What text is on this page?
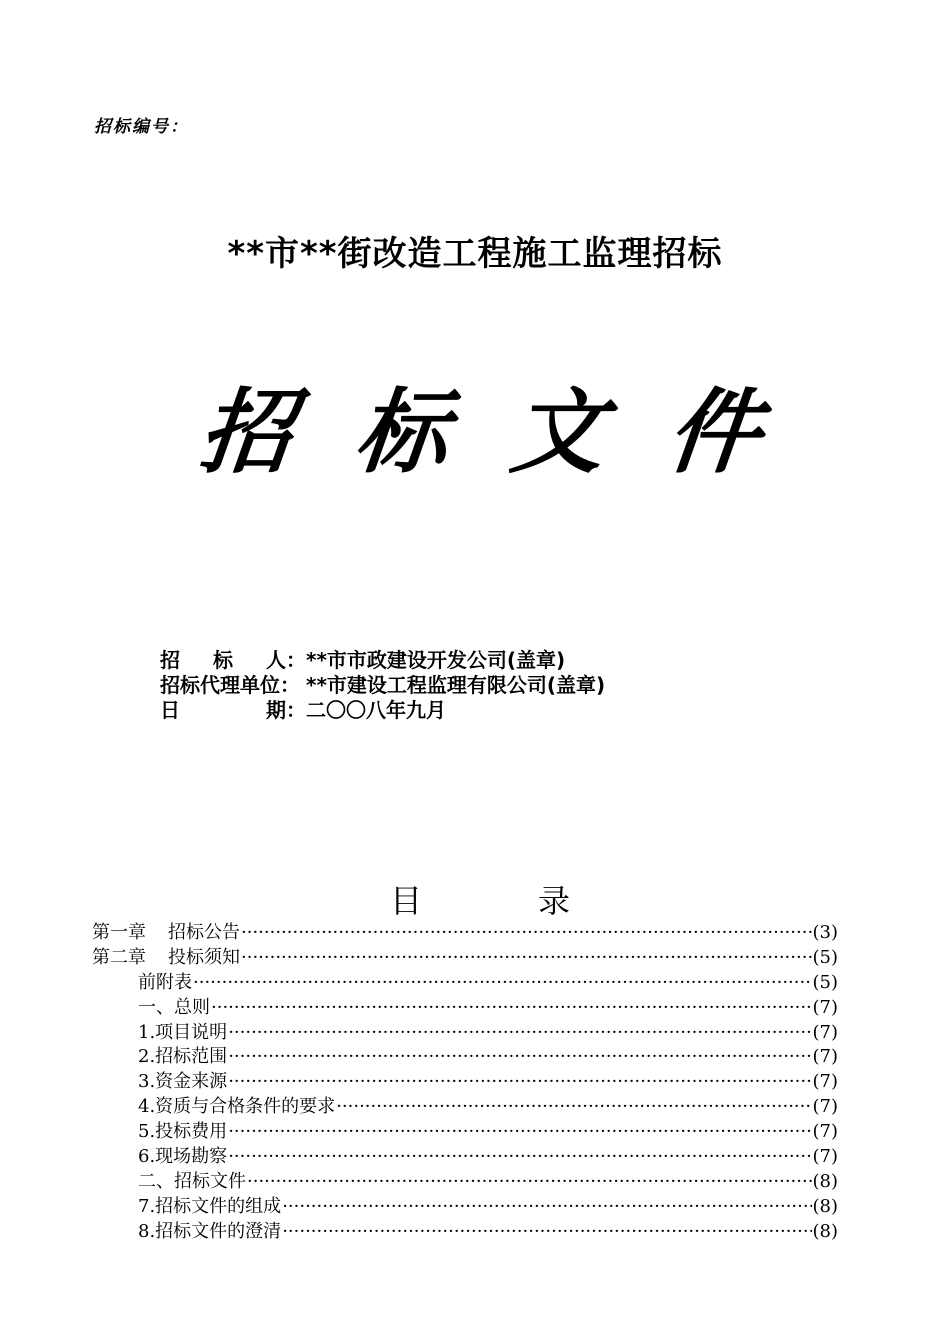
招标编号：
**市**街改造工程施工监理招标
招 标 文 件
招 标 人： **市市政建设开发公司(盖章)
招标代理单位： **市建设工程监理有限公司(盖章)
日	期： 二〇〇八年九月
目	录
第一章 招标公告 ·····	(3)
第二章 投标须知 ·····	(5)
前附表 ·····	(5)
一、总则 ·····	(7)
1.项目说明 ·····	(7)
2.招标范围 ·····	(7)
3.资金来源 ·····	(7)
4.资质与合格条件的要求 ·····	(7)
5.投标费用 ·····	(7)
6.现场勘察 ·····	(7)
二、招标文件 ·····	(8)
7.招标文件的组成 ·····	(8)
8.招标文件的澄清 ·····	(8)
